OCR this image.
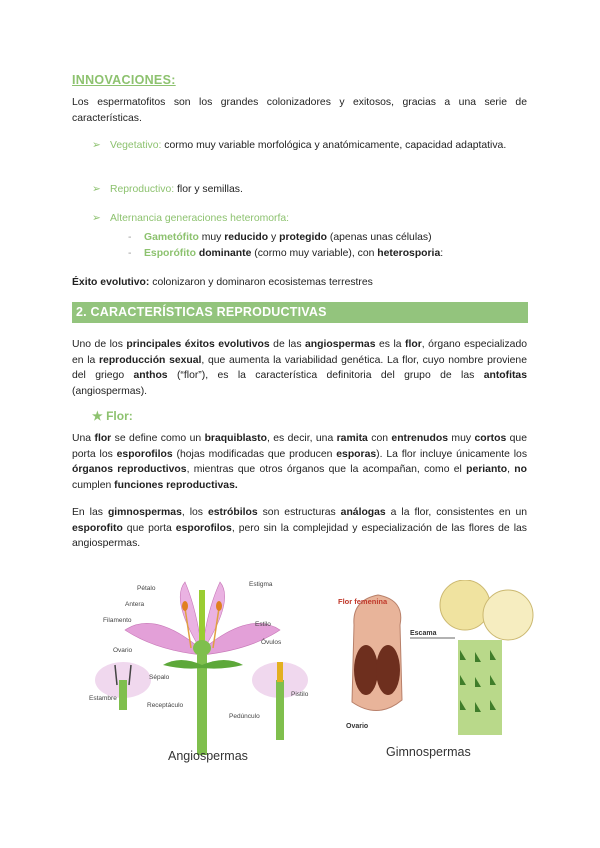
INNOVACIONES:
Los espermatofitos son los grandes colonizadores y exitosos, gracias a una serie de características.
➢ Vegetativo: cormo muy variable morfológica y anatómicamente, capacidad adaptativa.
➢ Reproductivo: flor y semillas.
➢ Alternancia generaciones heteromorfa:
- Gametófito muy reducido y protegido (apenas unas células)
- Esporófito dominante (cormo muy variable), con heterosporia:
Éxito evolutivo: colonizaron y dominaron ecosistemas terrestres
2. CARACTERÍSTICAS REPRODUCTIVAS
Uno de los principales éxitos evolutivos de las angiospermas es la flor, órgano especializado en la reproducción sexual, que aumenta la variabilidad genética. La flor, cuyo nombre proviene del griego anthos (“flor”), es la característica definitoria del grupo de las antofitas (angiospermas).
★ Flor:
Una flor se define como un braquiblasto, es decir, una ramita con entrenudos muy cortos que porta los esporofilos (hojas modificadas que producen esporas). La flor incluye únicamente los órganos reproductivos, mientras que otros órganos que la acompañan, como el perianto, no cumplen funciones reproductivas.
En las gimnospermas, los estróbilos son estructuras análogas a la flor, consistentes en un esporofito que porta esporofilos, pero sin la complejidad y especialización de las flores de las angiospermas.
Pétalo
Antera
Filamento
Ovario
Estambre
Sépalo
Receptáculo
Pedúnculo
Estigma
Estilo
Óvulos
Pistilo
Angiospermas
Flor femenina
Escama
Ovario
Gimnospermas
